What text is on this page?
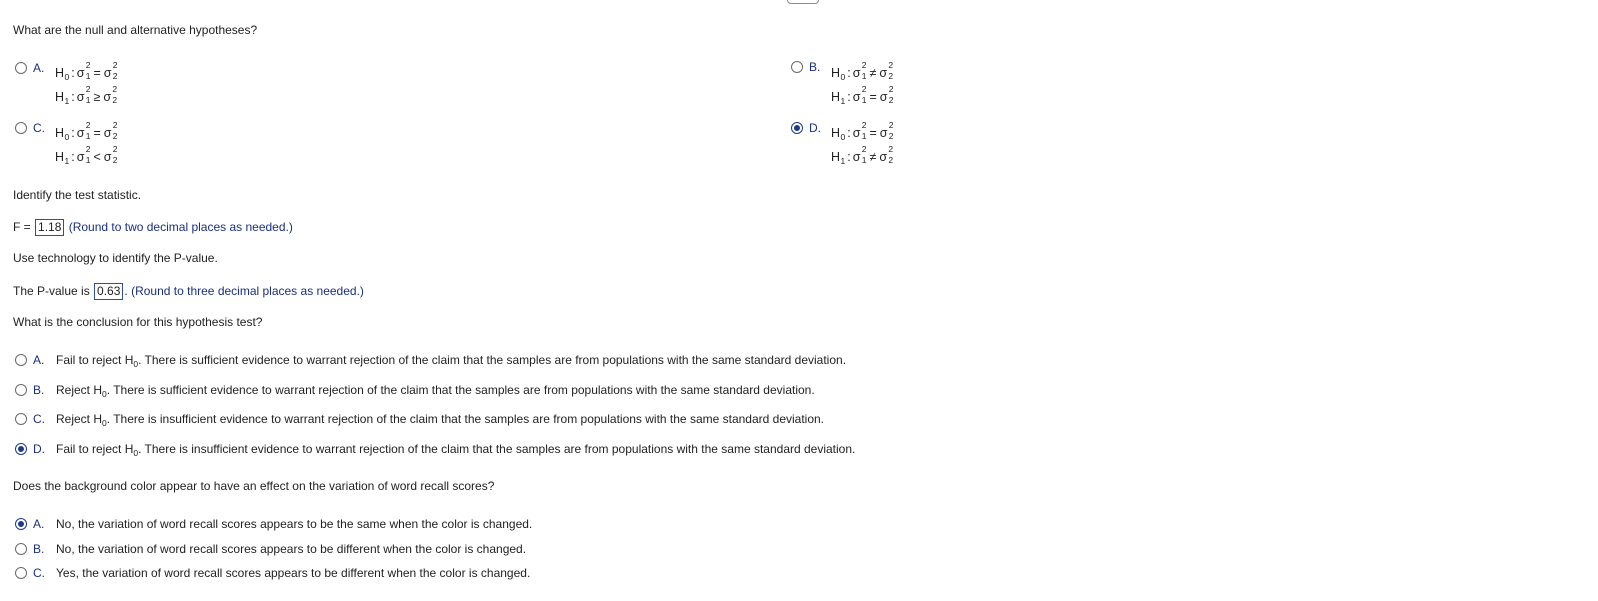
What are the null and alternative hypotheses?
A. $H_0$ : σ
2
1 = σ
2
2
$H_1$ : σ
2
1 ≥ σ
2
2
B. $H_0$ : σ
2
1 ≠ σ
2
2
$H_1$ : σ
2
1 = σ
2
2
C. $H_0$ : σ
2
1 = σ
2
2
$H_1$ : σ
2
1 < σ
2
2
D. $H_0$ : σ
2
1 = σ
2
2
$H_1$ : σ
2
1 ≠ σ
2
2
Identify the test statistic.
F = 1.18 (Round to two decimal places as needed.)
Use technology to identify the P-value.
The P-value is 0.63 . (Round to three decimal places as needed.)
What is the conclusion for this hypothesis test?
A. Fail to reject $H_0$. There is sufficient evidence to warrant rejection of the claim that the samples are from populations with the same standard deviation.
B. Reject $H_0$. There is sufficient evidence to warrant rejection of the claim that the samples are from populations with the same standard deviation.
C. Reject $H_0$. There is insufficient evidence to warrant rejection of the claim that the samples are from populations with the same standard deviation.
D. Fail to reject $H_0$. There is insufficient evidence to warrant rejection of the claim that the samples are from populations with the same standard deviation.
Does the background color appear to have an effect on the variation of word recall scores?
A. No, the variation of word recall scores appears to be the same when the color is changed.
B. No, the variation of word recall scores appears to be different when the color is changed.
C. Yes, the variation of word recall scores appears to be different when the color is changed.
